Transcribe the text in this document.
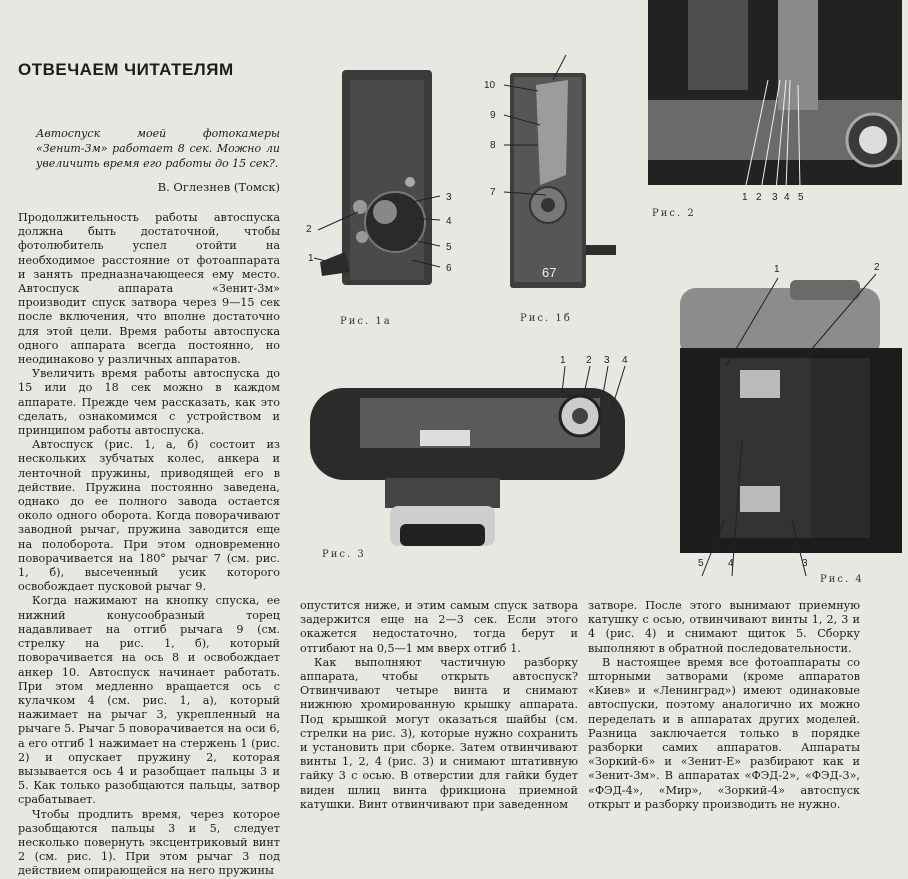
ОТВЕЧАЕМ ЧИТАТЕЛЯМ
Автоспуск моей фотокамеры «Зенит-3м» работает 8 сек. Можно ли увеличить время его работы до 15 сек?.
В. Оглезнев (Томск)

Продолжительность работы автоспуска должна быть достаточной, чтобы фотолюбитель успел отойти на необходимое расстояние от фотоаппарата и занять предназначающееся ему место. Автоспуск аппарата «Зенит-3м» производит спуск затвора через 9—15 сек после включения, что вполне достаточно для этой цели. Время работы автоспуска одного аппарата всегда постоянно, но неодинаково у различных аппаратов.

Увеличить время работы автоспуска до 15 или до 18 сек можно в каждом аппарате. Прежде чем рассказать, как это сделать, ознакомимся с устройством и принципом работы автоспуска.

Автоспуск (рис. 1, а, б) состоит из нескольких зубчатых колес, анкера и ленточной пружины, приводящей его в действие. Пружина постоянно заведена, однако до ее полного завода остается около одного оборота. Когда поворачивают заводной рычаг, пружина заводится еще на полоборота. При этом одновременно поворачивается на 180° рычаг 7 (см. рис. 1, б), высеченный усик которого освобождает пусковой рычаг 9.

Когда нажимают на кнопку спуска, ее нижний конусообразный торец надавливает на отгиб рычага 9 (см. стрелку на рис. 1, б), который поворачивается на ось 8 и освобождает анкер 10. Автоспуск начинает работать. При этом медленно вращается ось с кулачком 4 (см. рис. 1, а), который нажимает на рычаг 3, укрепленный на рычаге 5. Рычаг 5 поворачивается на оси 6, а его отгиб 1 нажимает на стержень 1 (рис. 2) и опускает пружину 2, которая вызывается ось 4 и разобщает пальцы 3 и 5. Как только разобщаются пальцы, затвор срабатывает.

Чтобы продлить время, через которое разобщаются пальцы 3 и 5, следует несколько повернуть эксцентриковый винт 2 (см. рис. 1). При этом рычаг 3 под действием опирающейся на него пружины

опустится ниже, и этим самым спуск затвора задержится еще на 2—3 сек. Если этого окажется недостаточно, тогда берут и отгибают на 0,5—1 мм вверх отгиб 1.

Как выполняют частичную разборку аппарата, чтобы открыть автоспуск? Отвинчивают четыре винта и снимают нижнюю хромированную крышку аппарата. Под крышкой могут оказаться шайбы (см. стрелки на рис. 3), которые нужно сохранить и установить при сборке. Затем отвинчивают винты 1, 2, 4 (рис. 3) и снимают штативную гайку 3 с осью. В отверстии для гайки будет виден шлиц винта фрикциона приемной катушки. Винт отвинчивают при заведенном

затворе. После этого вынимают приемную катушку с осью, отвинчивают винты 1, 2, 3 и 4 (рис. 4) и снимают щиток 5. Сборку выполняют в обратной последовательности.

В настоящее время все фотоаппараты со шторными затворами (кроме аппаратов «Киев» и «Ленинград») имеют одинаковые автоспуски, поэтому аналогично их можно переделать и в аппаратах других моделей. Разница заключается только в порядке разборки самих аппаратов. Аппараты «Зоркий-6» и «Зенит-Е» разбирают как и «Зенит-3м». В аппаратах «ФЭД-2», «ФЭД-3», «ФЭД-4», «Мир», «Зоркий-4» автоспуск открыт и разборку производить не нужно.

1
2
3
4
5
6
Рис. 1а
10
9
8
7
67
Рис. 1б
1 2 3 4 5
Рис. 2
1 2 3 4
Рис. 3
1	2
5 4	3
Рис. 4
